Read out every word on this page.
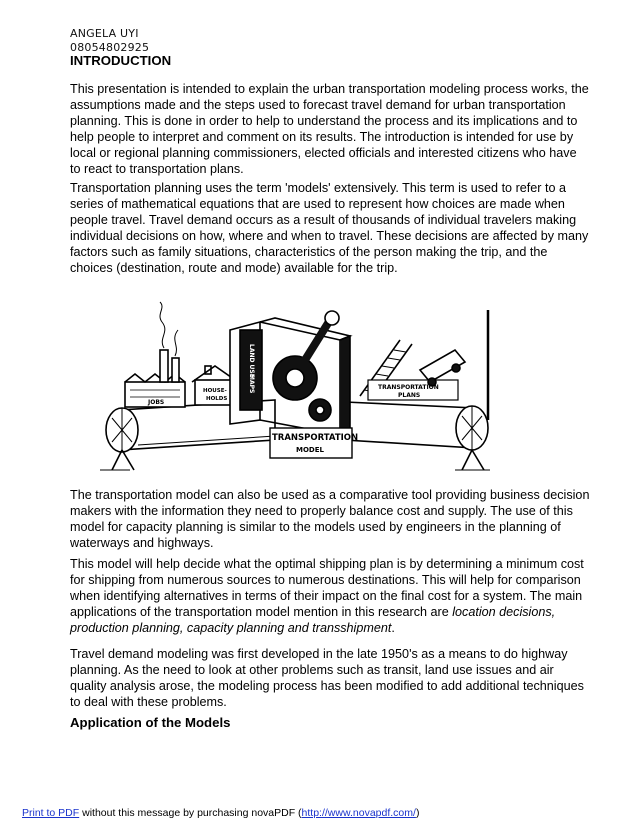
ANGELA UYI
08054802925
INTRODUCTION

This presentation is intended to explain the urban transportation modeling process works, the assumptions made and the steps used to forecast travel demand for urban transportation planning. This is done in order to help to understand the process and its implications and to help people to interpret and comment on its results. The introduction is intended for use by local or regional planning commissioners, elected officials and interested citizens who have to react to transportation plans.

Transportation planning uses the term 'models' extensively. This term is used to refer to a series of mathematical equations that are used to represent how choices are made when people travel. Travel demand occurs as a result of thousands of individual travelers making individual decisions on how, where and when to travel. These decisions are affected by many factors such as family situations, characteristics of the person making the trip, and the choices (destination, route and mode) available for the trip.

JOBS
HOUSE-
HOLDS
LAND USE
MAPS
TRANSPORTATION
MODEL
TRANSPORTATION
PLANS

The transportation model can also be used as a comparative tool providing business decision makers with the information they need to properly balance cost and supply. The use of this model for capacity planning is similar to the models used by engineers in the planning of waterways and highways.

This model will help decide what the optimal shipping plan is by determining a minimum cost for shipping from numerous sources to numerous destinations. This will help for comparison when identifying alternatives in terms of their impact on the final cost for a system. The main applications of the transportation model mention in this research are location decisions, production planning, capacity planning and transshipment.

Travel demand modeling was first developed in the late 1950's as a means to do highway planning. As the need to look at other problems such as transit, land use issues and air quality analysis arose, the modeling process has been modified to add additional techniques to deal with these problems.

Application of the Models
Print to PDF without this message by purchasing novaPDF (http://www.novapdf.com/)
